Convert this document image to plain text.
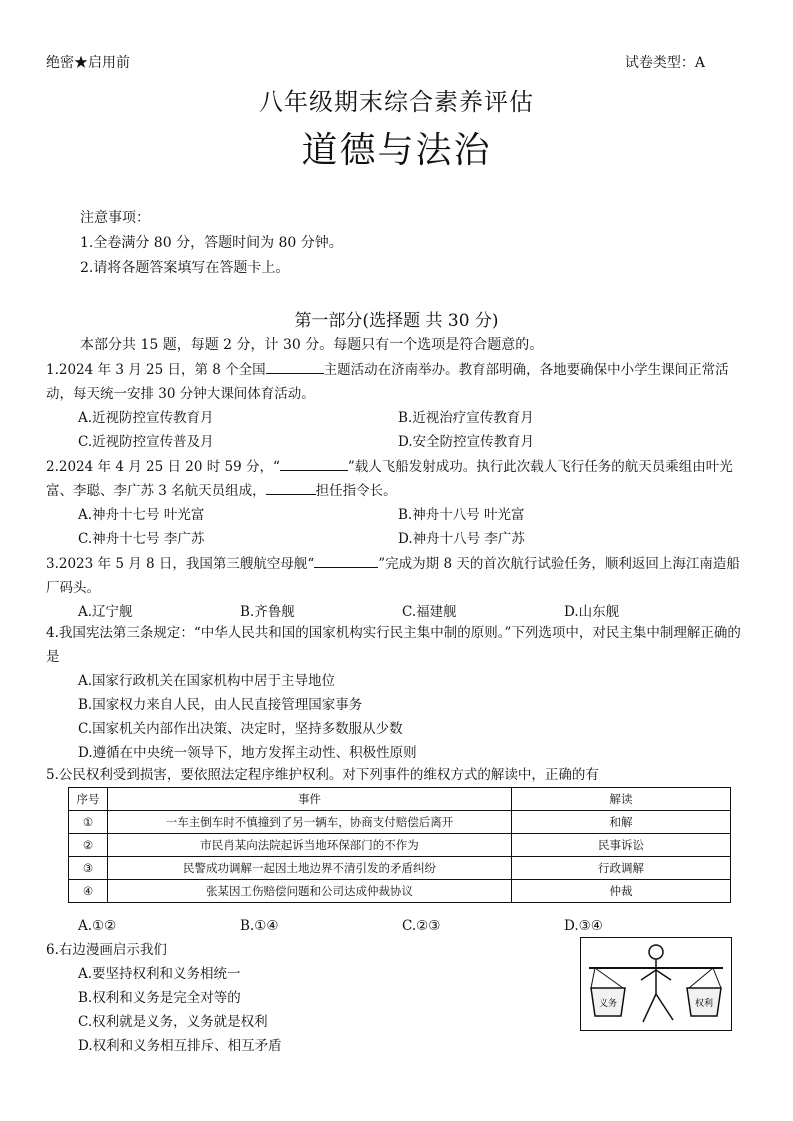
绝密★启用前	试卷类型：A
八年级期末综合素养评估
道德与法治
注意事项：
1.全卷满分 80 分，答题时间为 80 分钟。
2.请将各题答案填写在答题卡上。
第一部分(选择题 共 30 分)
本部分共 15 题，每题 2 分，计 30 分。每题只有一个选项是符合题意的。
1.2024 年 3 月 25 日，第 8 个全国	主题活动在济南举办。教育部明确，各地要确保中小学生课间正常活动，每天统一安排 30 分钟大课间体育活动。
A.近视防控宣传教育月	B.近视治疗宣传教育月
C.近视防控宣传普及月	D.安全防控宣传教育月
2.2024 年 4 月 25 日 20 时 59 分，“	”载人飞船发射成功。执行此次载人飞行任务的航天员乘组由叶光富、李聪、李广苏 3 名航天员组成，	担任指令长。
A.神舟十七号 叶光富	B.神舟十八号 叶光富
C.神舟十七号 李广苏	D.神舟十八号 李广苏
3.2023 年 5 月 8 日，我国第三艘航空母舰“	”完成为期 8 天的首次航行试验任务，顺利返回上海江南造船厂码头。
A.辽宁舰	B.齐鲁舰	C.福建舰	D.山东舰
4.我国宪法第三条规定：“中华人民共和国的国家机构实行民主集中制的原则。”下列选项中，对民主集中制理解正确的是
A.国家行政机关在国家机构中居于主导地位
B.国家权力来自人民，由人民直接管理国家事务
C.国家机关内部作出决策、决定时，坚持多数服从少数
D.遵循在中央统一领导下，地方发挥主动性、积极性原则
5.公民权利受到损害，要依照法定程序维护权利。对下列事件的维权方式的解读中，正确的有
序号	事件	解读
①	一车主倒车时不慎撞到了另一辆车，协商支付赔偿后离开	和解
②	市民肖某向法院起诉当地环保部门的不作为	民事诉讼
③	民警成功调解一起因土地边界不清引发的矛盾纠纷	行政调解
④	张某因工伤赔偿问题和公司达成仲裁协议	仲裁
A.①②	B.①④	C.②③	D.③④
6.右边漫画启示我们
A.要坚持权利和义务相统一
B.权利和义务是完全对等的
C.权利就是义务，义务就是权利
D.权利和义务相互排斥、相互矛盾
义务	权利
